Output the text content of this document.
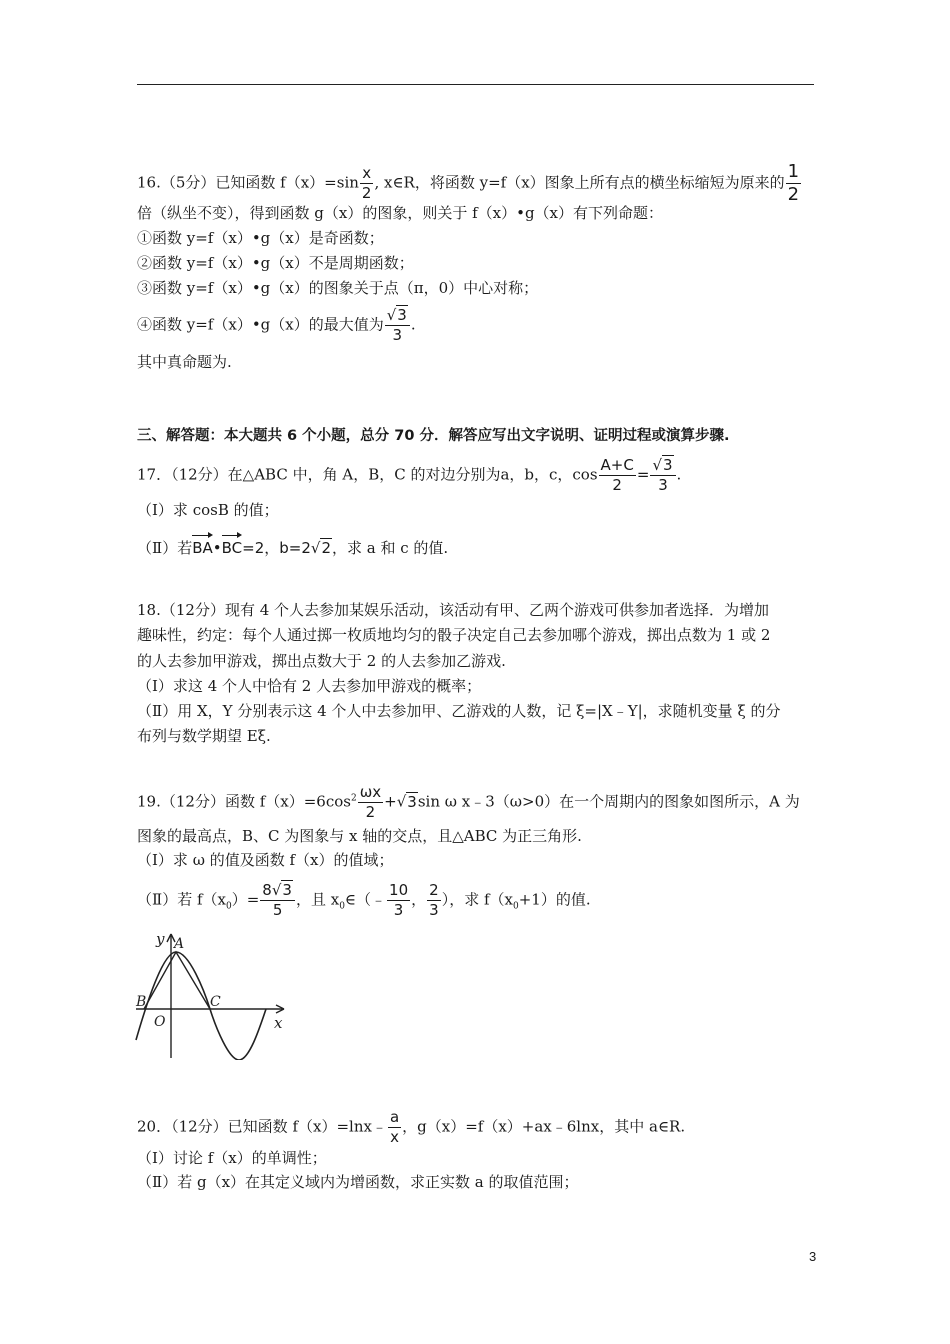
16.（5分）已知函数 $f(x)=\sin \frac{x}{2}$ , x∈R，将函数 y=f（x）图象上所有点的横坐标缩短为原来的 $\frac{1}{2}$
倍（纵坐不变），得到函数 g（x）的图象，则关于 f（x）•g（x）有下列命题：
①函数 y=f（x）•g（x）是奇函数；
②函数 y=f（x）•g（x）不是周期函数；
③函数 y=f（x）•g（x）的图象关于点（π，0）中心对称；
④函数 y=f（x）•g（x）的最大值为 $\frac{√3}{3}$ .
其中真命题为.
三、解答题：本大题共 6 个小题，总分 70 分．解答应写出文字说明、证明过程或演算步骤.
17．（12分）在△ABC 中，角 A，B，C 的对边分别为a，b，c，$\cos \frac{A+C}{2} = \frac{√3}{3}$ .
（Ⅰ）求 cosB 的值；
（Ⅱ）若BA•BC=2，b=2√2，求 a 和 c 的值.
18.（12分）现有 4 个人去参加某娱乐活动，该活动有甲、乙两个游戏可供参加者选择．为增加
趣味性，约定：每个人通过掷一枚质地均匀的骰子决定自己去参加哪个游戏，掷出点数为 1 或 2
的人去参加甲游戏，掷出点数大于 2 的人去参加乙游戏.
（Ⅰ）求这 4 个人中恰有 2 人去参加甲游戏的概率；
（Ⅱ）用 X，Y 分别表示这 4 个人中去参加甲、乙游戏的人数，记 ξ=|X﹣Y|，求随机变量 ξ 的分
布列与数学期望 Eξ.
19.（12分）函数 $f(x)=6\cos^2 \frac{\omega x}{2} +√3\sin$ ω x﹣3（ω>0）在一个周期内的图象如图所示，A 为
图象的最高点，B、C 为图象与 x 轴的交点，且△ABC 为正三角形.
（Ⅰ）求 ω 的值及函数 f（x）的值域；
（Ⅱ）若 $f(x_0)= \frac{8√3}{5}$ ，且 $x_0\in(﹣ \frac{10}{3}$ ， $\frac{2}{3}$ ），求 $f(x_0+1)$的值.
y A
B	C
O	x
20．（12分）已知函数 f（x）=lnx﹣ $\frac{a}{x}$ ，g（x）=f（x）+ax﹣6lnx，其中 a∈R.
（Ⅰ）讨论 f（x）的单调性；
（Ⅱ）若 g（x）在其定义域内为增函数，求正实数 a 的取值范围；
3
